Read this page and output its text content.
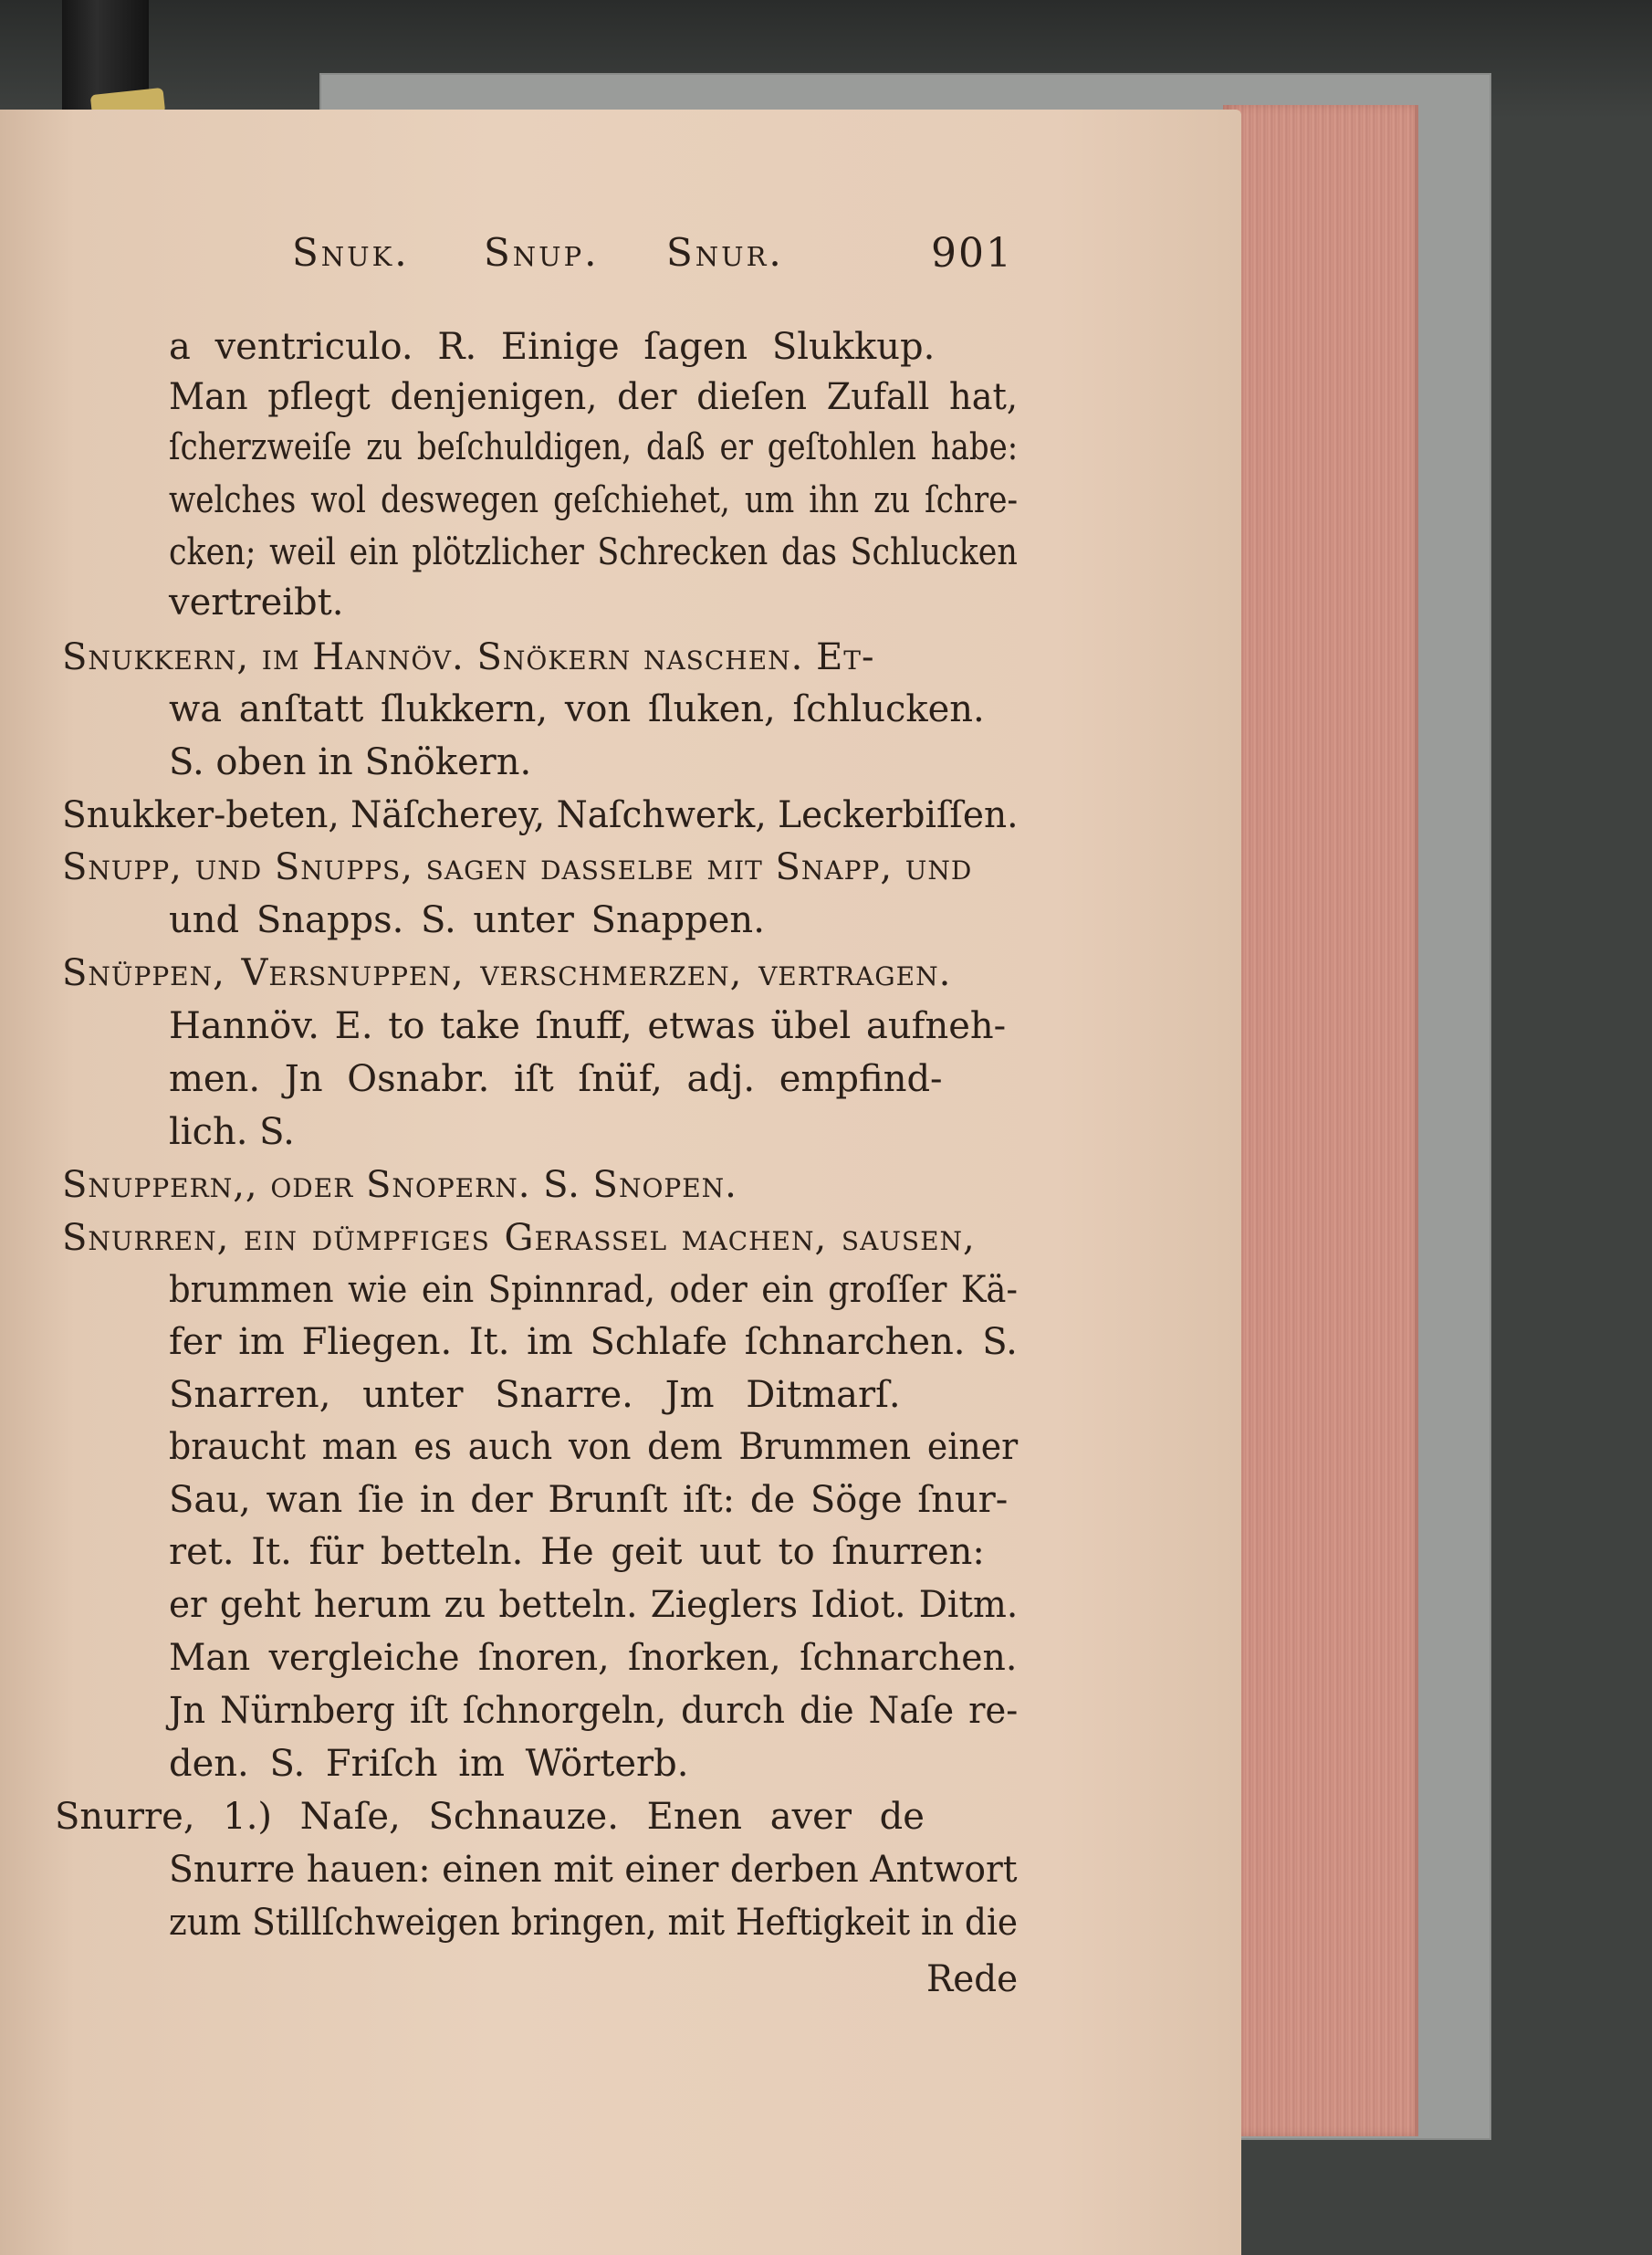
Snuk. Snup. Snur.	901
a ventriculo. R. Einige ſagen Slukkup.
Man pflegt denjenigen, der dieſen Zufall hat,
ſcherzweiſe zu beſchuldigen, daß er geſtohlen habe:
welches wol deswegen geſchiehet, um ihn zu ſchre-
cken; weil ein plötzlicher Schrecken das Schlucken
vertreibt.
Snukkern, im Hannöv. Snökern naſchen. Et-
wa anſtatt ſlukkern, von ſluken, ſchlucken.
S. oben in Snökern.
Snukker-beten, Näſcherey, Naſchwerk, Leckerbiſſen.
Snupp, und Snupps, ſagen daſſelbe mit Snapp, und
und Snapps. S. unter Snappen.
Snüppen, Verſnuppen, verſchmerzen, vertragen.
Hannöv. E. to take ſnuff, etwas übel aufneh-
men. Jn Osnabr. iſt ſnüf, adj. empfind-
lich. S.
Snuppern,, oder Snopern. S. Snopen.
Snurren, ein dümpfiges Geraſſel machen, ſauſen,
brummen wie ein Spinnrad, oder ein groſſer Kä-
fer im Fliegen. It. im Schlafe ſchnarchen. S.
Snarren, unter Snarre. Jm Ditmarſ.
braucht man es auch von dem Brummen einer
Sau, wan ſie in der Brunſt iſt: de Söge ſnur-
ret. It. für betteln. He geit uut to ſnurren:
er geht herum zu betteln. Zieglers Idiot. Ditm.
Man vergleiche ſnoren, ſnorken, ſchnarchen.
Jn Nürnberg iſt ſchnorgeln, durch die Naſe re-
den. S. Friſch im Wörterb.
Snurre, 1.) Naſe, Schnauze. Enen aver de
Snurre hauen: einen mit einer derben Antwort
zum Stillſchweigen bringen, mit Heftigkeit in die
Rede
